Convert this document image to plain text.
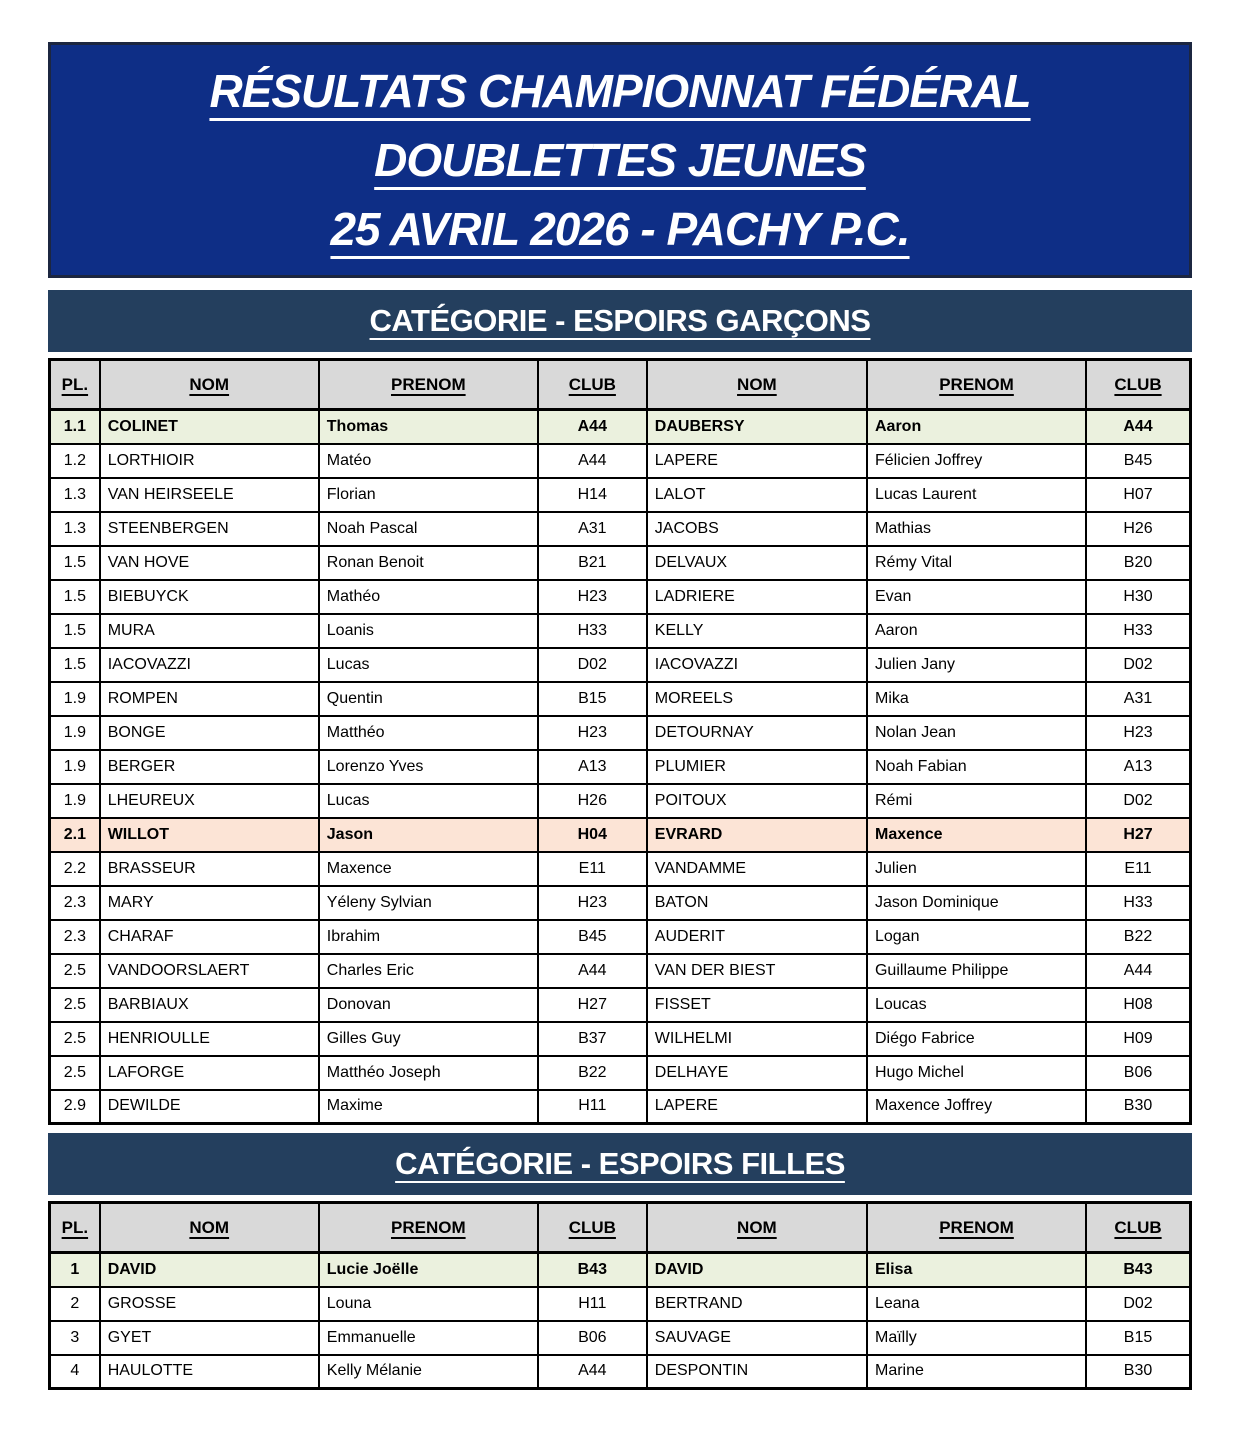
RÉSULTATS CHAMPIONNAT FÉDÉRAL
DOUBLETTES JEUNES
25 AVRIL 2026 - PACHY P.C.
CATÉGORIE - ESPOIRS GARÇONS
PL.	NOM	PRENOM	CLUB	NOM	PRENOM	CLUB
1.1	COLINET	Thomas	A44	DAUBERSY	Aaron	A44
1.2	LORTHIOIR	Matéo	A44	LAPERE	Félicien Joffrey	B45
1.3	VAN HEIRSEELE	Florian	H14	LALOT	Lucas Laurent	H07
1.3	STEENBERGEN	Noah Pascal	A31	JACOBS	Mathias	H26
1.5	VAN HOVE	Ronan Benoit	B21	DELVAUX	Rémy Vital	B20
1.5	BIEBUYCK	Mathéo	H23	LADRIERE	Evan	H30
1.5	MURA	Loanis	H33	KELLY	Aaron	H33
1.5	IACOVAZZI	Lucas	D02	IACOVAZZI	Julien Jany	D02
1.9	ROMPEN	Quentin	B15	MOREELS	Mika	A31
1.9	BONGE	Matthéo	H23	DETOURNAY	Nolan Jean	H23
1.9	BERGER	Lorenzo Yves	A13	PLUMIER	Noah Fabian	A13
1.9	LHEUREUX	Lucas	H26	POITOUX	Rémi	D02
2.1	WILLOT	Jason	H04	EVRARD	Maxence	H27
2.2	BRASSEUR	Maxence	E11	VANDAMME	Julien	E11
2.3	MARY	Yéleny Sylvian	H23	BATON	Jason Dominique	H33
2.3	CHARAF	Ibrahim	B45	AUDERIT	Logan	B22
2.5	VANDOORSLAERT	Charles Eric	A44	VAN DER BIEST	Guillaume Philippe	A44
2.5	BARBIAUX	Donovan	H27	FISSET	Loucas	H08
2.5	HENRIOULLE	Gilles Guy	B37	WILHELMI	Diégo Fabrice	H09
2.5	LAFORGE	Matthéo Joseph	B22	DELHAYE	Hugo Michel	B06
2.9	DEWILDE	Maxime	H11	LAPERE	Maxence Joffrey	B30
CATÉGORIE - ESPOIRS FILLES
PL.	NOM	PRENOM	CLUB	NOM	PRENOM	CLUB
1	DAVID	Lucie Joëlle	B43	DAVID	Elisa	B43
2	GROSSE	Louna	H11	BERTRAND	Leana	D02
3	GYET	Emmanuelle	B06	SAUVAGE	Maïlly	B15
4	HAULOTTE	Kelly Mélanie	A44	DESPONTIN	Marine	B30
